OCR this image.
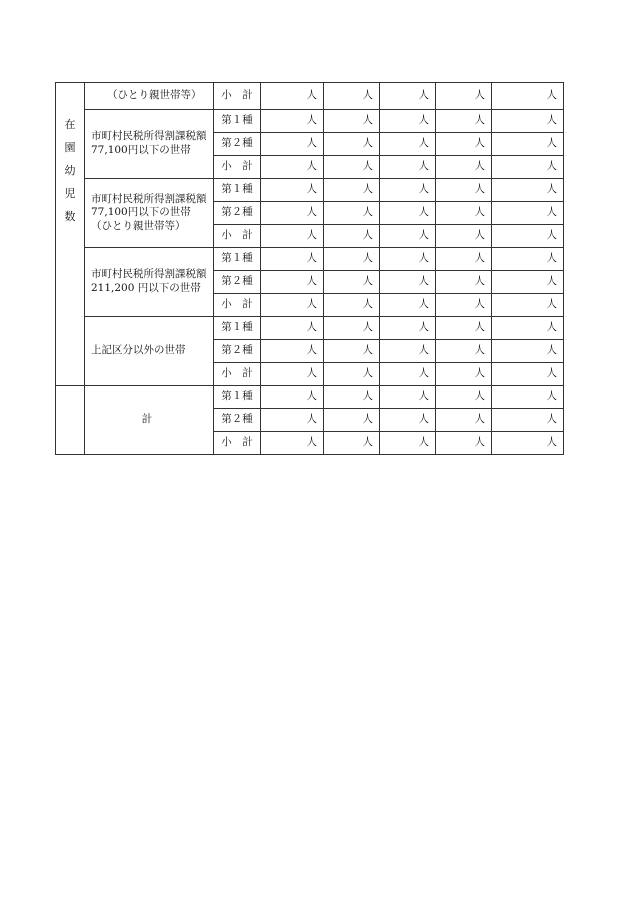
在
園
幼
児
数	（ひとり親世帯等）	小　計	人	人	人	人	人
	市町村民税所得割課税額77,100円以下の世帯	第１種	人	人	人	人	人
		第２種	人	人	人	人	人
		小　計	人	人	人	人	人
	市町村民税所得割課税額77,100円以下の世帯（ひとり親世帯等）	第１種	人	人	人	人	人
		第２種	人	人	人	人	人
		小　計	人	人	人	人	人
	市町村民税所得割課税額 211,200 円以下の世帯	第１種	人	人	人	人	人
		第２種	人	人	人	人	人
		小　計	人	人	人	人	人
	上記区分以外の世帯	第１種	人	人	人	人	人
		第２種	人	人	人	人	人
		小　計	人	人	人	人	人
	計	第１種	人	人	人	人	人
		第２種	人	人	人	人	人
		小　計	人	人	人	人	人
